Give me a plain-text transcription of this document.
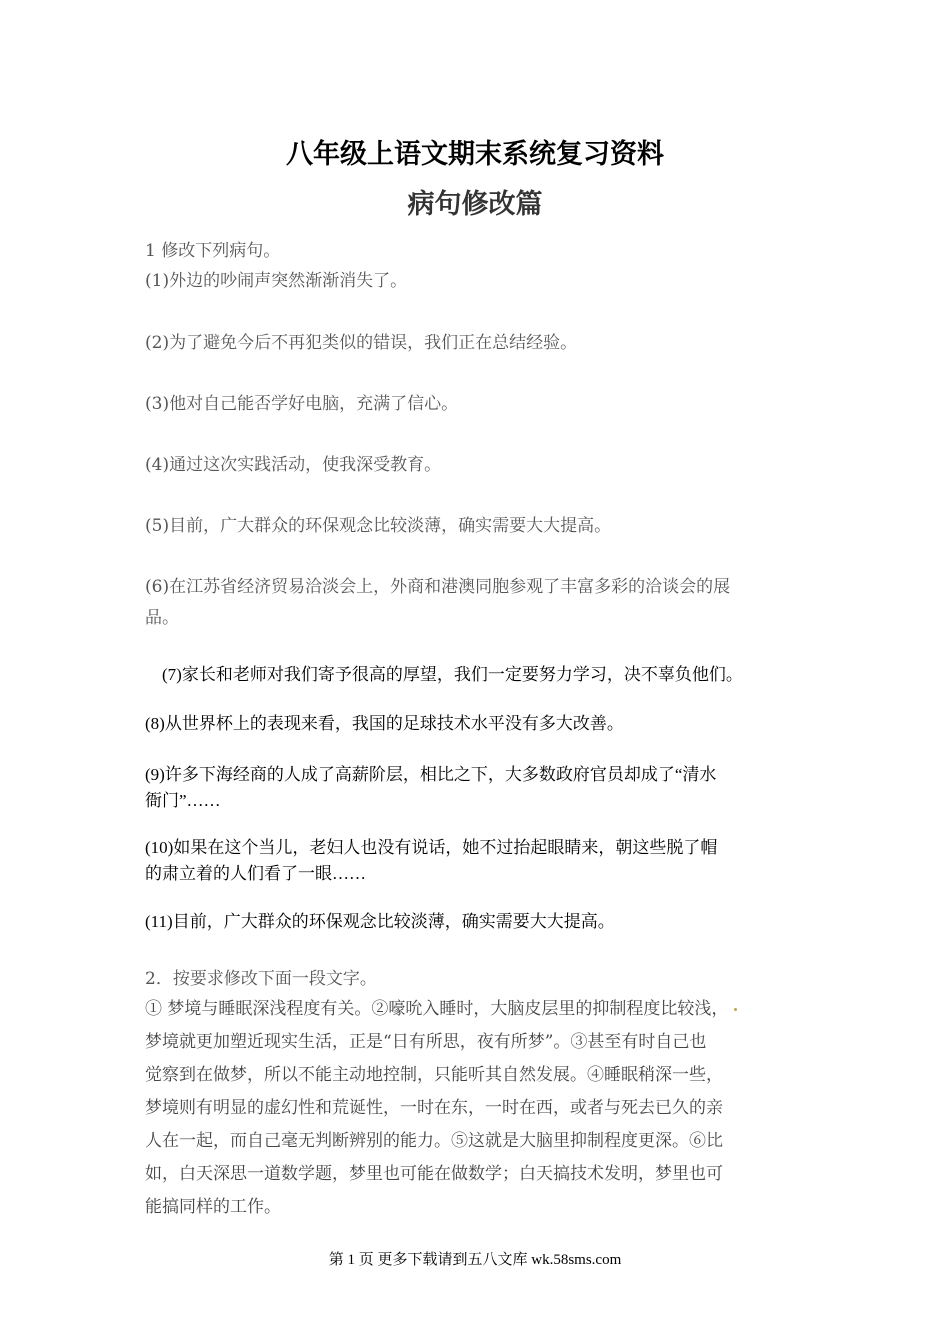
八年级上语文期末系统复习资料
病句修改篇
1 修改下列病句。
(1)外边的吵闹声突然渐渐消失了。
(2)为了避免今后不再犯类似的错误，我们正在总结经验。
(3)他对自己能否学好电脑，充满了信心。
(4)通过这次实践活动，使我深受教育。
(5)目前，广大群众的环保观念比较淡薄，确实需要大大提高。
(6)在江苏省经济贸易洽淡会上，外商和港澳同胞参观了丰富多彩的洽谈会的展
品。
(7)家长和老师对我们寄予很高的厚望，我们一定要努力学习，决不辜负他们。
(8)从世界杯上的表现来看，我国的足球技术水平没有多大改善。
(9)许多下海经商的人成了高薪阶层，相比之下，大多数政府官员却成了“清水
衙门”……
(10)如果在这个当儿，老妇人也没有说话，她不过抬起眼睛来，朝这些脱了帽
的肃立着的人们看了一眼……
(11)目前，广大群众的环保观念比较淡薄，确实需要大大提高。
2．按要求修改下面一段文字。
① 梦境与睡眠深浅程度有关。②嚎吮入睡时，大脑皮层里的抑制程度比较浅，
梦境就更加塑近现实生活，正是“日有所思，夜有所梦”。③甚至有时自己也
觉察到在做梦，所以不能主动地控制，只能听其自然发展。④睡眠稍深一些，
梦境则有明显的虚幻性和荒诞性，一时在东，一时在西，或者与死去已久的亲
人在一起，而自己毫无判断辨别的能力。⑤这就是大脑里抑制程度更深。⑥比
如，白天深思一道数学题，梦里也可能在做数学；白天搞技术发明，梦里也可
能搞同样的工作。
第 1 页 更多下载请到五八文库 wk.58sms.com
